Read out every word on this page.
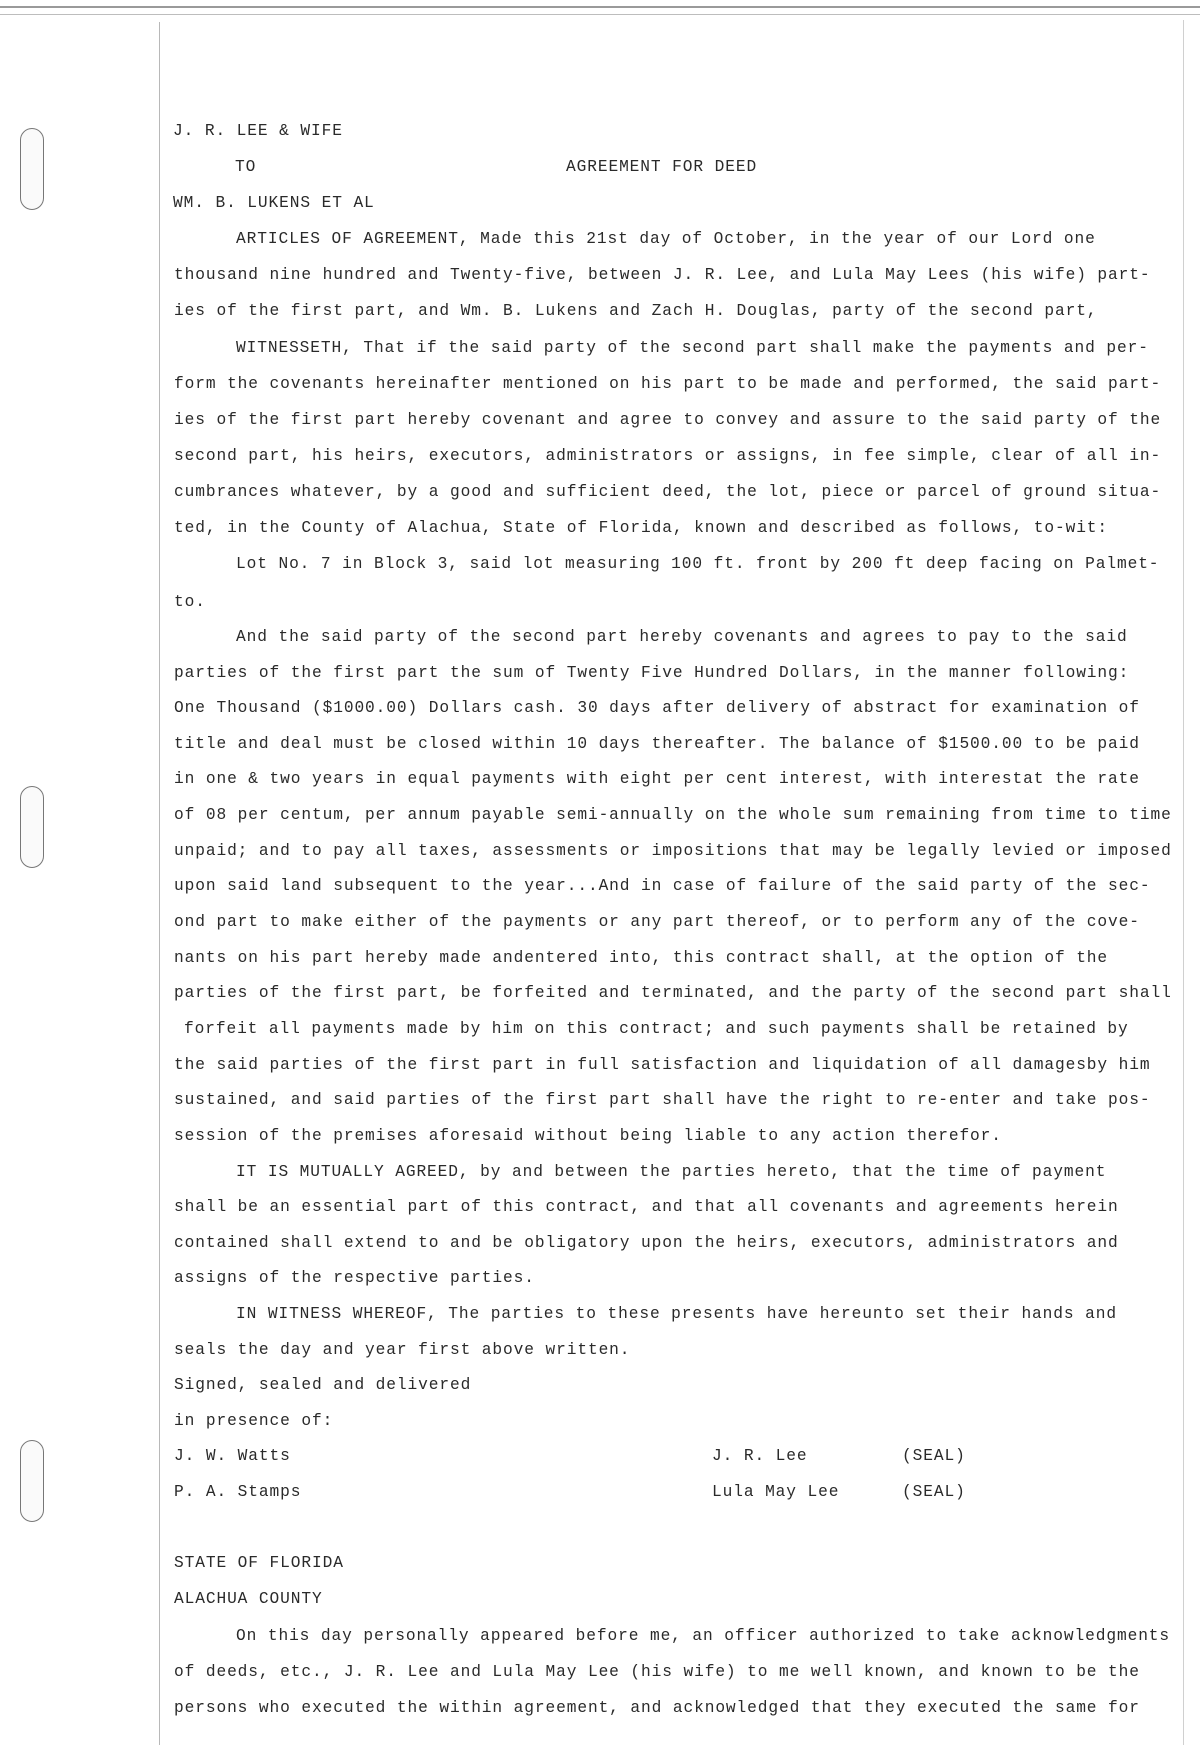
J. R. LEE & WIFE
TO	AGREEMENT FOR DEED
WM. B. LUKENS ET AL
ARTICLES OF AGREEMENT, Made this 21st day of October, in the year of our Lord one
thousand nine hundred and Twenty-five, between J. R. Lee, and Lula May Lees (his wife) part-
ies of the first part, and Wm. B. Lukens and Zach H. Douglas, party of the second part,
WITNESSETH, That if the said party of the second part shall make the payments and per-
form the covenants hereinafter mentioned on his part to be made and performed, the said part-
ies of the first part hereby covenant and agree to convey and assure to the said party of the
second part, his heirs, executors, administrators or assigns, in fee simple, clear of all in-
cumbrances whatever, by a good and sufficient deed, the lot, piece or parcel of ground situa-
ted, in the County of Alachua, State of Florida, known and described as follows, to-wit:
Lot No. 7 in Block 3, said lot measuring 100 ft. front by 200 ft deep facing on Palmet-
to.
And the said party of the second part hereby covenants and agrees to pay to the said
parties of the first part the sum of Twenty Five Hundred Dollars, in the manner following:
One Thousand ($1000.00) Dollars cash. 30 days after delivery of abstract for examination of
title and deal must be closed within 10 days thereafter. The balance of $1500.00 to be paid
in one & two years in equal payments with eight per cent interest, with interestat the rate
of 08 per centum, per annum payable semi-annually on the whole sum remaining from time to time
unpaid; and to pay all taxes, assessments or impositions that may be legally levied or imposed
upon said land subsequent to the year...And in case of failure of the said party of the sec-
ond part to make either of the payments or any part thereof, or to perform any of the cove-
nants on his part hereby made andentered into, this contract shall, at the option of the
parties of the first part, be forfeited and terminated, and the party of the second part shall
forfeit all payments made by him on this contract; and such payments shall be retained by
the said parties of the first part in full satisfaction and liquidation of all damagesby him
sustained, and said parties of the first part shall have the right to re-enter and take pos-
session of the premises aforesaid without being liable to any action therefor.
IT IS MUTUALLY AGREED, by and between the parties hereto, that the time of payment
shall be an essential part of this contract, and that all covenants and agreements herein
contained shall extend to and be obligatory upon the heirs, executors, administrators and
assigns of the respective parties.
IN WITNESS WHEREOF, The parties to these presents have hereunto set their hands and
seals the day and year first above written.
Signed, sealed and delivered
in presence of:
J. W. Watts	J. R. Lee	(SEAL)
P. A. Stamps	Lula May Lee	(SEAL)
STATE OF FLORIDA
ALACHUA COUNTY
On this day personally appeared before me, an officer authorized to take acknowledgments
of deeds, etc., J. R. Lee and Lula May Lee (his wife) to me well known, and known to be the
persons who executed the within agreement, and acknowledged that they executed the same for
